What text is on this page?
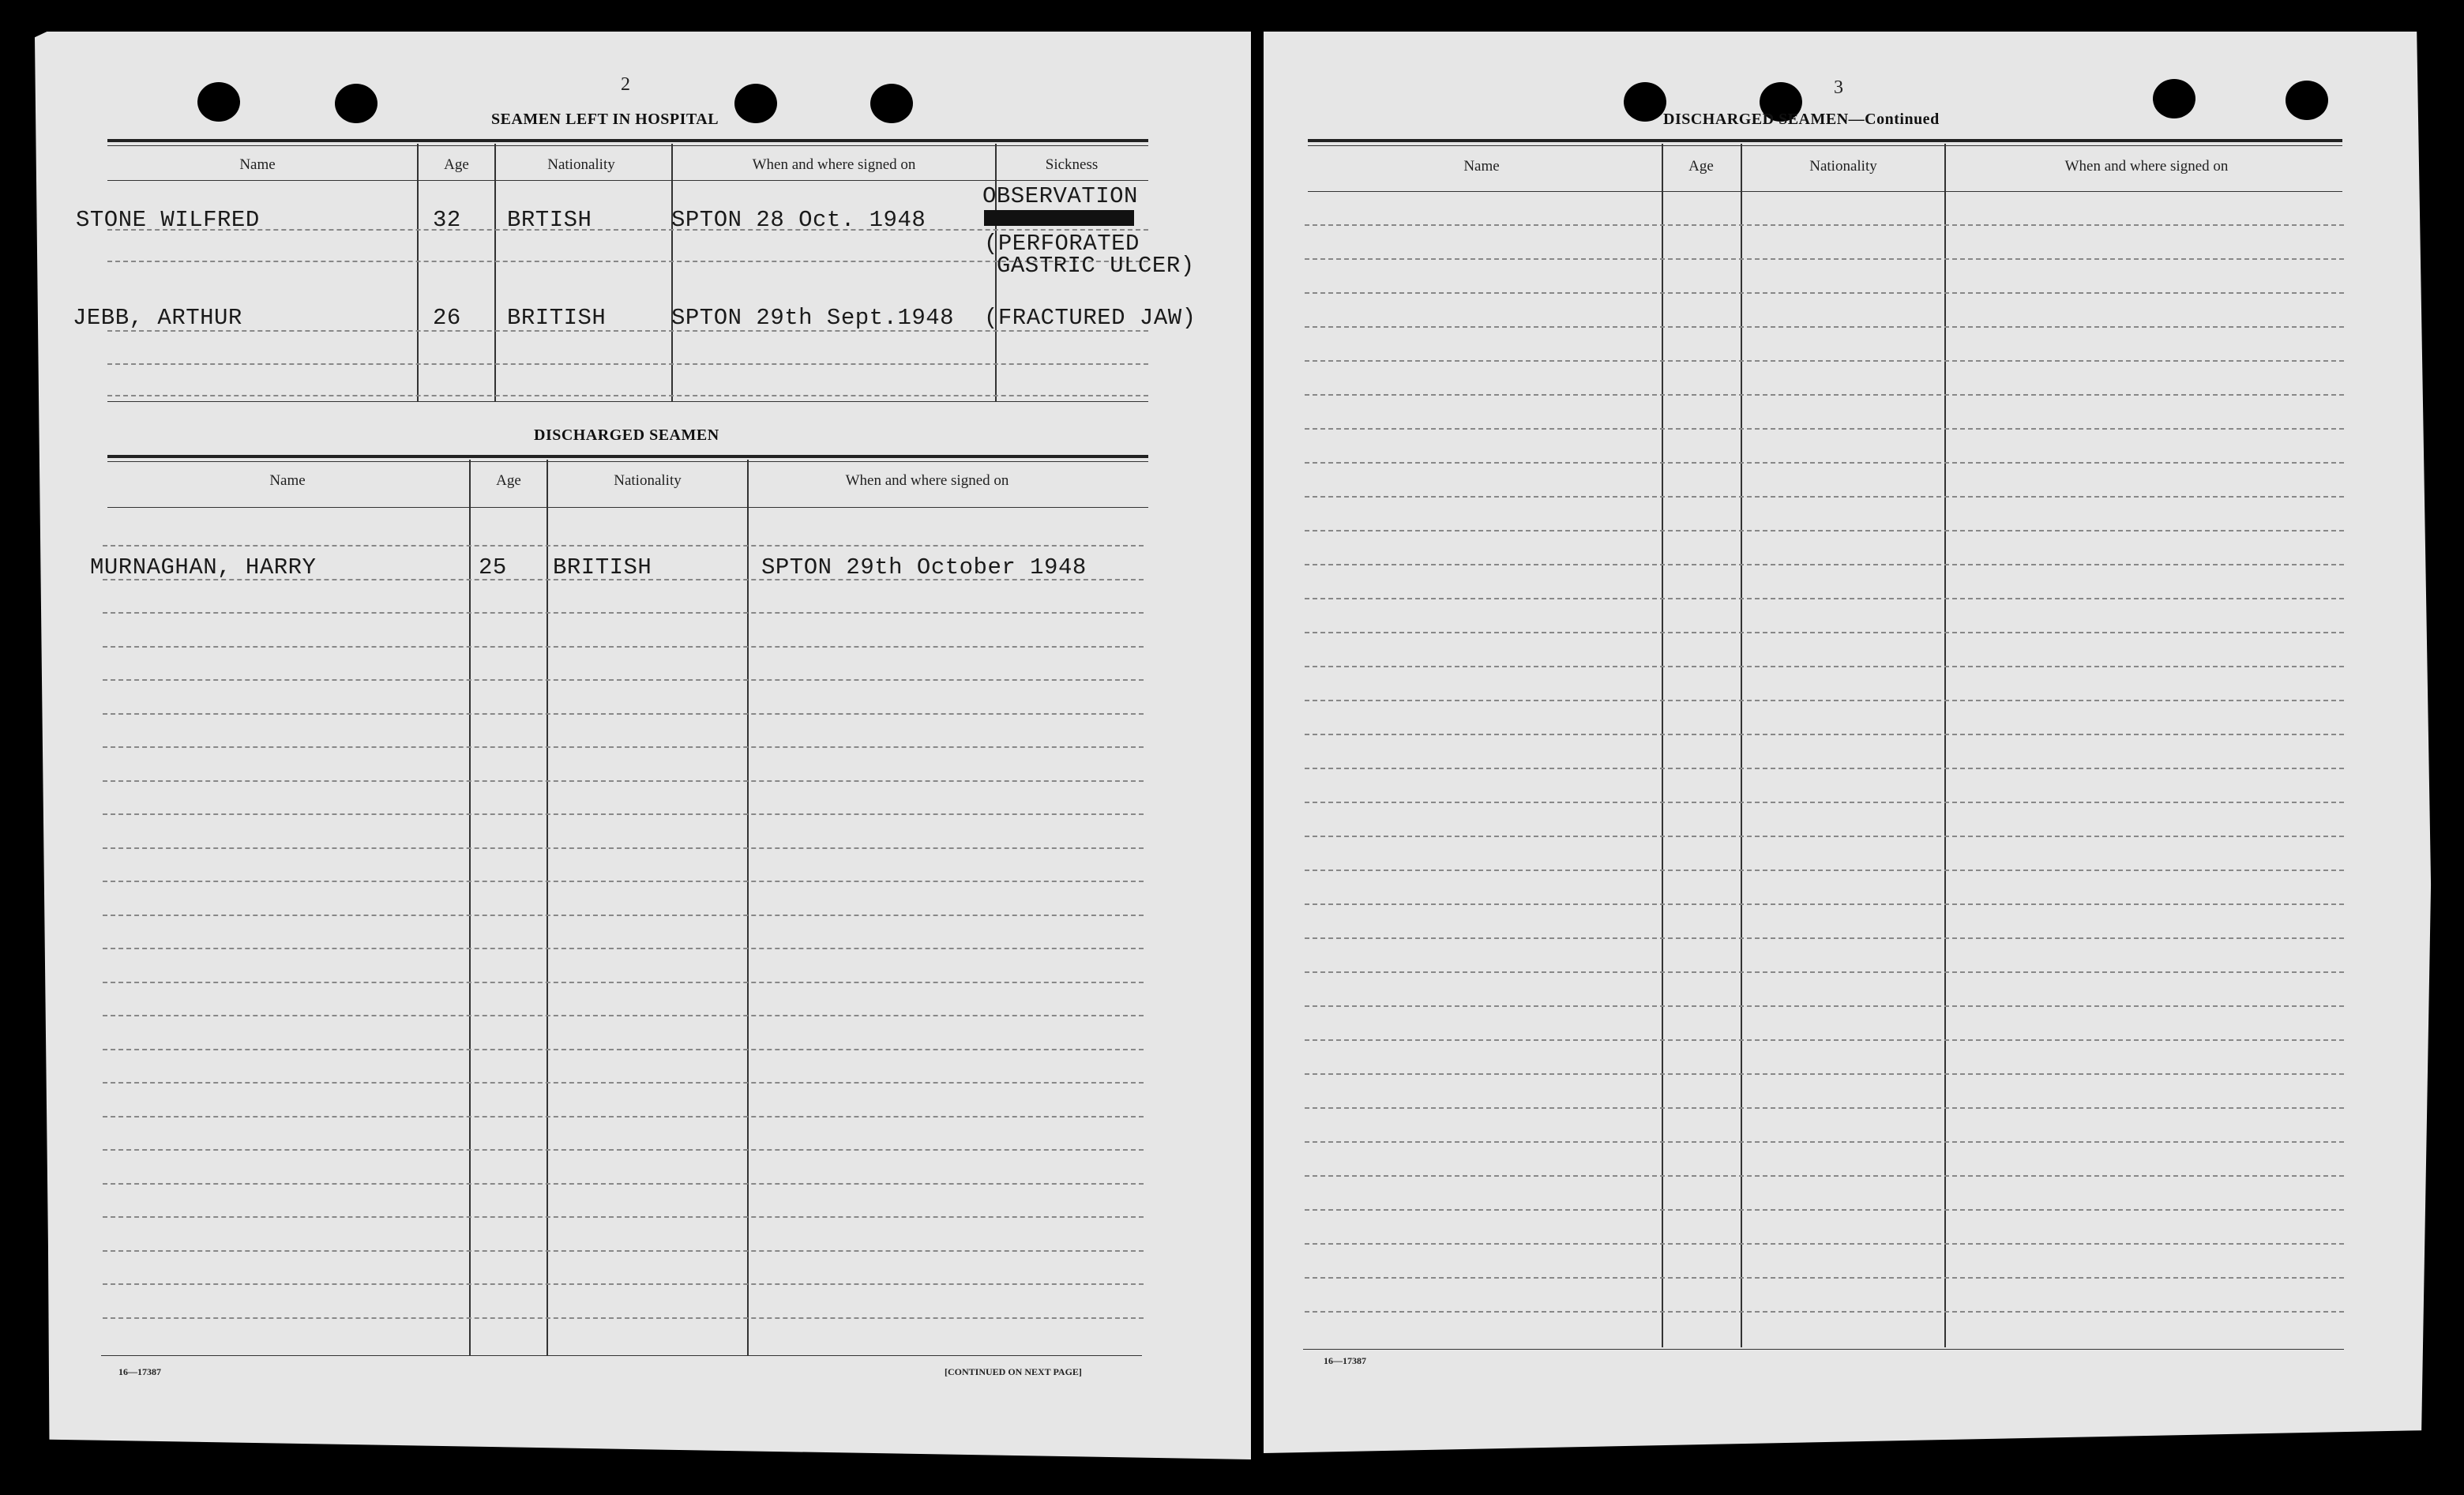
2
SEAMEN LEFT IN HOSPITAL
Name	Age	Nationality	When and where signed on	Sickness
STONE WILFRED	32 BRTISH	SPTON 28 Oct. 1948
OBSERVATION
(PERFORATED
GASTRIC ULCER)
JEBB, ARTHUR	26 BRITISH	SPTON 29th Sept.1948 (FRACTURED JAW)
DISCHARGED SEAMEN
Name	Age	Nationality	When and where signed on
MURNAGHAN, HARRY	25 BRITISH	SPTON 29th October 1948
16—17387	[CONTINUED ON NEXT PAGE]
3
DISCHARGED SEAMEN—Continued
Name	Age	Nationality	When and where signed on
16—17387
